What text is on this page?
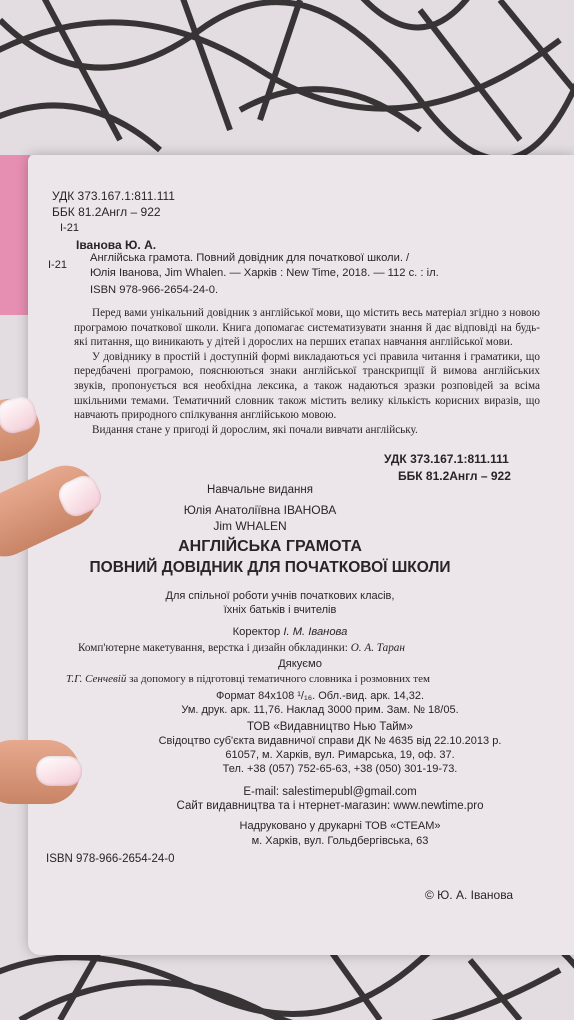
УДК 373.167.1:811.111
ББК 81.2Англ – 922
І-21
Іванова Ю. А.
І-21
Англійська грамота. Повний довідник для початкової школи. /
Юлія Іванова, Jim Whalen. — Харків : New Time, 2018. — 112 с. : іл.
ISBN 978-966-2654-24-0.

Перед вами унікальний довідник з англійської мови, що містить весь матеріал згідно з новою програмою початкової школи. Книга допомагає систематизувати знання й дає відповіді на будь-які питання, що виникають у дітей і дорослих на перших етапах навчання англійської мови.

У довіднику в простій і доступній формі викладаються усі правила читання і граматики, що передбачені програмою, пояснюються знаки англійської транскрипції й вимова англійських звуків, пропонується вся необхідна лексика, а також надаються зразки розповідей за всіма шкільними темами. Тематичний словник також містить велику кількість корисних виразів, що навчають природного спілкування англійською мовою.

Видання стане у пригоді й дорослим, які почали вивчати англійську.

УДК 373.167.1:811.111
ББК 81.2Англ – 922
Навчальне видання
Юлія Анатоліївна ІВАНОВА
Jim WHALEN
АНГЛІЙСЬКА ГРАМОТА
ПОВНИЙ ДОВІДНИК ДЛЯ ПОЧАТКОВОЇ ШКОЛИ
Для спільної роботи учнів початкових класів,
їхніх батьків і вчителів
Коректор І. М. Іванова
Комп'ютерне макетування, верстка і дизайн обкладинки: О. А. Таран
Дякуємо
Т.Г. Сенчевій за допомогу в підготовці тематичного словника і розмовних тем
Формат 84x108 ¹/₁₆. Обл.-вид. арк. 14,32.
Ум. друк. арк. 11,76. Наклад 3000 прим. Зам. № 18/05.
ТОВ «Видавництво Нью Тайм»
Свідоцтво суб'єкта видавничої справи ДК № 4635 від 22.10.2013 р.
61057, м. Харків, вул. Римарська, 19, оф. 37.
Тел. +38 (057) 752-65-63, +38 (050) 301-19-73.
E-mail: salestimepubl@gmail.com
Сайт видавництва та і нтернет-магазин: www.newtime.pro
Надруковано у друкарні ТОВ «СТЕАМ»
м. Харків, вул. Гольдбергівська, 63
ISBN 978-966-2654-24-0
© Ю. А. Іванова
